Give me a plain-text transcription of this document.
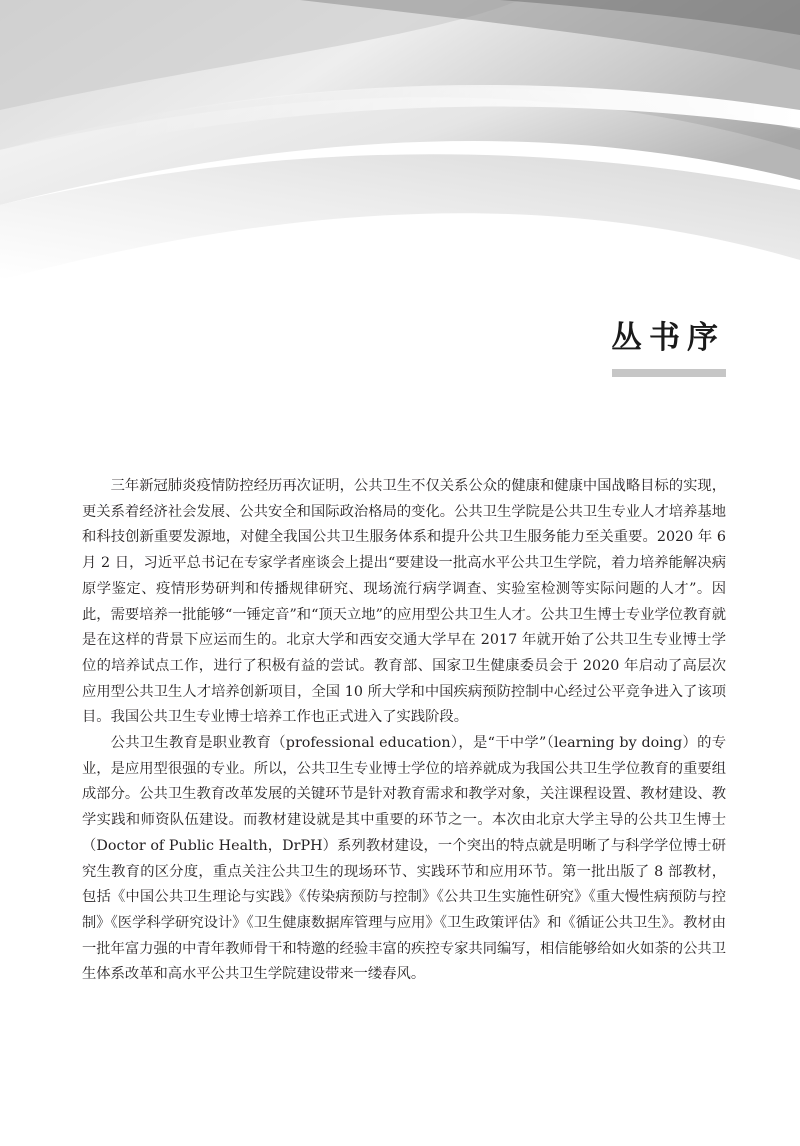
丛书序

三年新冠肺炎疫情防控经历再次证明，公共卫生不仅关系公众的健康和健康中国战略目标的实现，更关系着经济社会发展、公共安全和国际政治格局的变化。公共卫生学院是公共卫生专业人才培养基地和科技创新重要发源地，对健全我国公共卫生服务体系和提升公共卫生服务能力至关重要。2020 年 6 月 2 日，习近平总书记在专家学者座谈会上提出“要建设一批高水平公共卫生学院，着力培养能解决病原学鉴定、疫情形势研判和传播规律研究、现场流行病学调查、实验室检测等实际问题的人才”。因此，需要培养一批能够“一锤定音”和“顶天立地”的应用型公共卫生人才。公共卫生博士专业学位教育就是在这样的背景下应运而生的。北京大学和西安交通大学早在 2017 年就开始了公共卫生专业博士学位的培养试点工作，进行了积极有益的尝试。教育部、国家卫生健康委员会于 2020 年启动了高层次应用型公共卫生人才培养创新项目，全国 10 所大学和中国疾病预防控制中心经过公平竞争进入了该项目。我国公共卫生专业博士培养工作也正式进入了实践阶段。

公共卫生教育是职业教育（professional education），是“干中学”（learning by doing）的专业，是应用型很强的专业。所以，公共卫生专业博士学位的培养就成为我国公共卫生学位教育的重要组成部分。公共卫生教育改革发展的关键环节是针对教育需求和教学对象，关注课程设置、教材建设、教学实践和师资队伍建设。而教材建设就是其中重要的环节之一。本次由北京大学主导的公共卫生博士（Doctor of Public Health，DrPH）系列教材建设，一个突出的特点就是明晰了与科学学位博士研究生教育的区分度，重点关注公共卫生的现场环节、实践环节和应用环节。第一批出版了 8 部教材，包括《中国公共卫生理论与实践》《传染病预防与控制》《公共卫生实施性研究》《重大慢性病预防与控制》《医学科学研究设计》《卫生健康数据库管理与应用》《卫生政策评估》和《循证公共卫生》。教材由一批年富力强的中青年教师骨干和特邀的经验丰富的疾控专家共同编写，相信能够给如火如荼的公共卫生体系改革和高水平公共卫生学院建设带来一缕春风。
